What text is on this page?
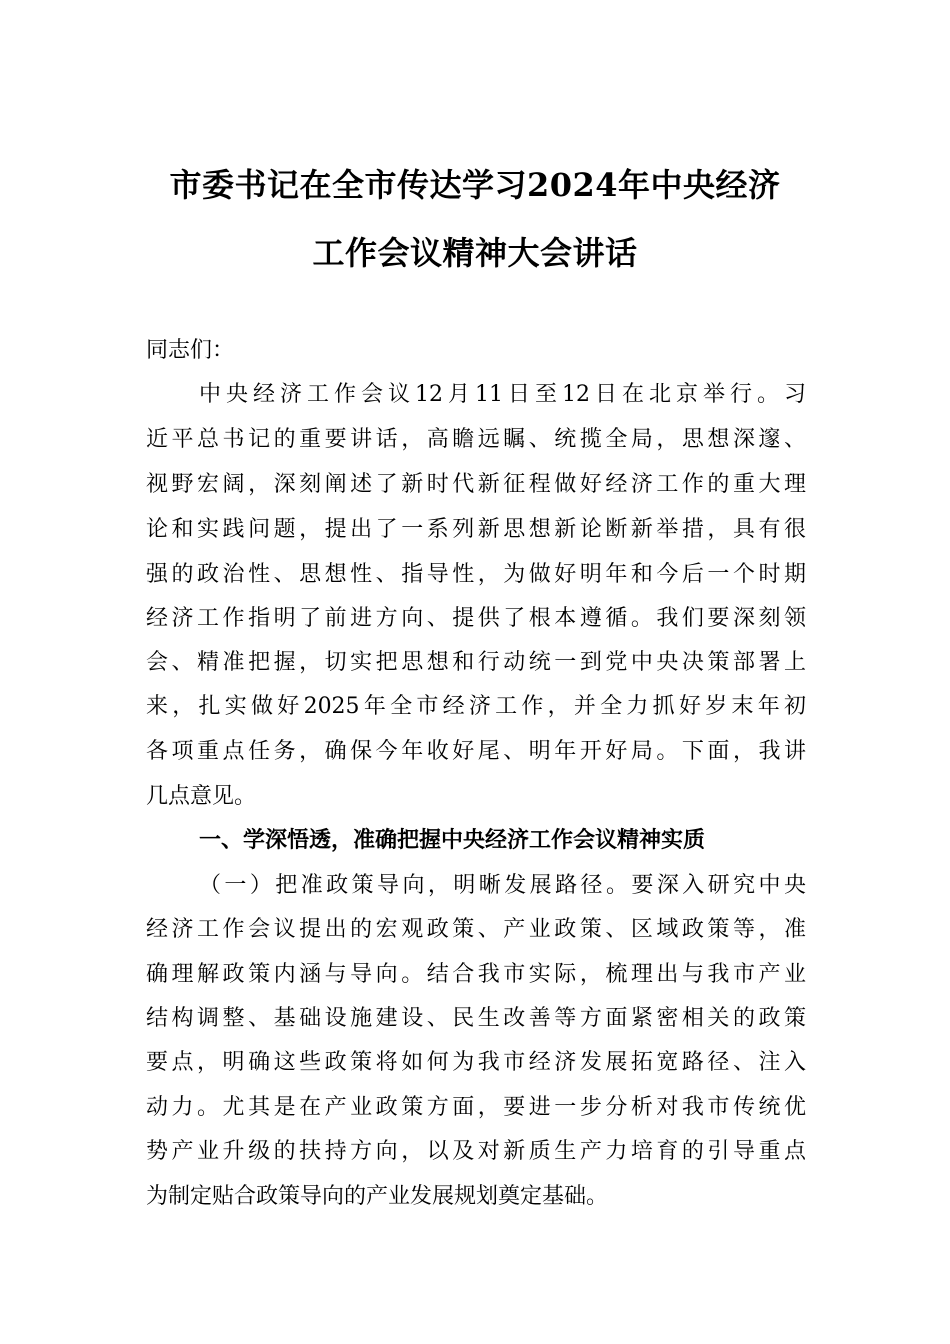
市委书记在全市传达学习2024年中央经济
工作会议精神大会讲话
同志们：
中央经济工作会议12月11日至12日在北京举行。习
近平总书记的重要讲话，高瞻远瞩、统揽全局，思想深邃、
视野宏阔，深刻阐述了新时代新征程做好经济工作的重大理
论和实践问题，提出了一系列新思想新论断新举措，具有很
强的政治性、思想性、指导性，为做好明年和今后一个时期
经济工作指明了前进方向、提供了根本遵循。我们要深刻领
会、精准把握，切实把思想和行动统一到党中央决策部署上
来，扎实做好2025年全市经济工作，并全力抓好岁末年初
各项重点任务，确保今年收好尾、明年开好局。下面，我讲
几点意见。
一、学深悟透，准确把握中央经济工作会议精神实质
（一）把准政策导向，明晰发展路径。要深入研究中央
经济工作会议提出的宏观政策、产业政策、区域政策等，准
确理解政策内涵与导向。结合我市实际，梳理出与我市产业
结构调整、基础设施建设、民生改善等方面紧密相关的政策
要点，明确这些政策将如何为我市经济发展拓宽路径、注入
动力。尤其是在产业政策方面，要进一步分析对我市传统优
势产业升级的扶持方向，以及对新质生产力培育的引导重点
为制定贴合政策导向的产业发展规划奠定基础。
